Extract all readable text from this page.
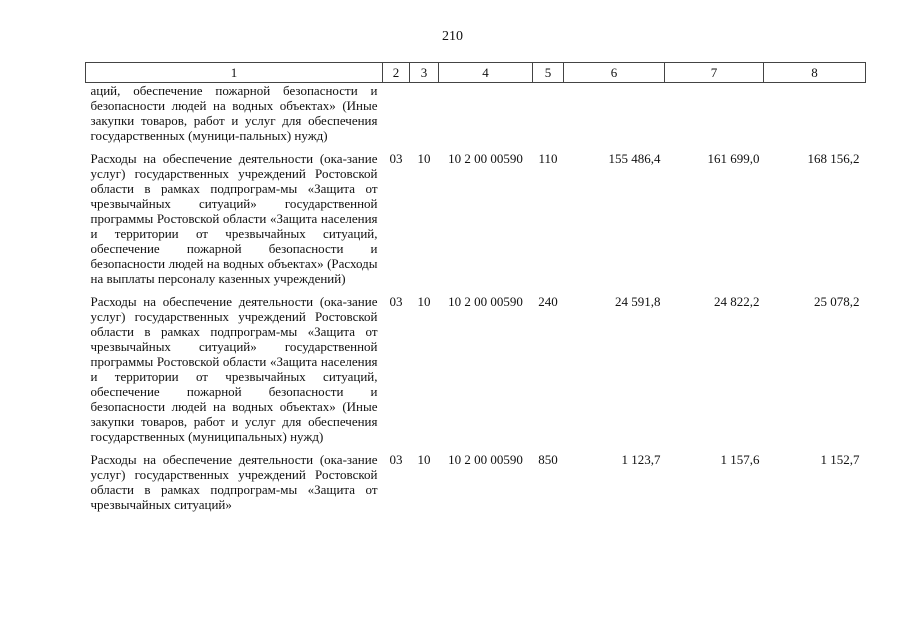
210
1	2	3	4	5	6	7	8
аций, обеспечение пожарной безопасности и безопасности людей на водных объектах» (Иные закупки товаров, работ и услуг для обеспечения государственных (муници-пальных) нужд)							
Расходы на обеспечение деятельности (ока-зание услуг) государственных учреждений Ростовской области в рамках подпрограм-мы «Защита от чрезвычайных ситуаций» государственной программы Ростовской области «Защита населения и территории от чрезвычайных ситуаций, обеспечение пожарной безопасности и безопасности людей на водных объектах» (Расходы на выплаты персоналу казенных учреждений)	03	10	10 2 00 00590	110	155 486,4	161 699,0	168 156,2
Расходы на обеспечение деятельности (ока-зание услуг) государственных учреждений Ростовской области в рамках подпрограм-мы «Защита от чрезвычайных ситуаций» государственной программы Ростовской области «Защита населения и территории от чрезвычайных ситуаций, обеспечение пожарной безопасности и безопасности людей на водных объектах» (Иные закупки товаров, работ и услуг для обеспечения государственных (муниципальных) нужд)	03	10	10 2 00 00590	240	24 591,8	24 822,2	25 078,2
Расходы на обеспечение деятельности (ока-зание услуг) государственных учреждений Ростовской области в рамках подпрограм-мы «Защита от чрезвычайных ситуаций»	03	10	10 2 00 00590	850	1 123,7	1 157,6	1 152,7
